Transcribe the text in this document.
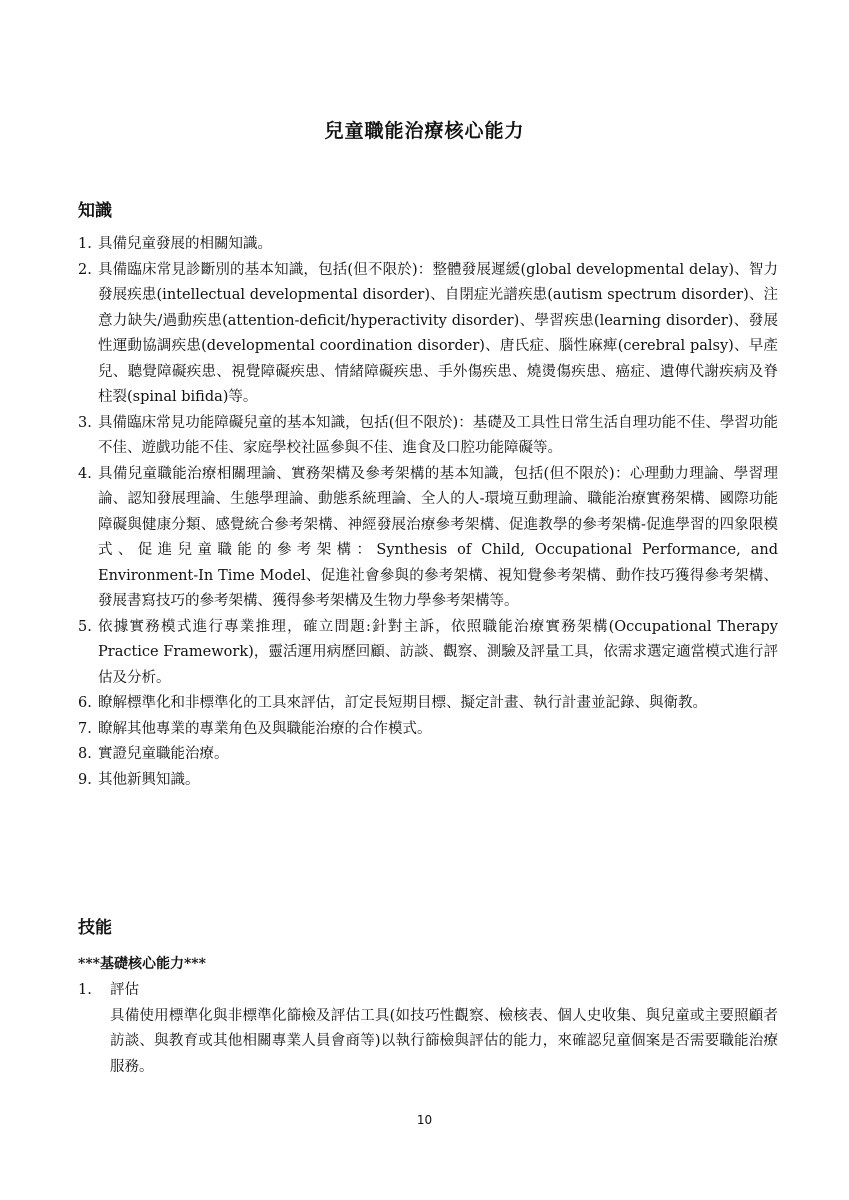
兒童職能治療核心能力
知識
1. 具備兒童發展的相關知識。
2. 具備臨床常見診斷別的基本知識，包括(但不限於)：整體發展遲緩(global developmental delay)、智力發展疾患(intellectual developmental disorder)、自閉症光譜疾患(autism spectrum disorder)、注意力缺失/過動疾患(attention-deficit/hyperactivity disorder)、學習疾患(learning disorder)、發展性運動協調疾患(developmental coordination disorder)、唐氏症、腦性麻痺(cerebral palsy)、早產兒、聽覺障礙疾患、視覺障礙疾患、情緒障礙疾患、手外傷疾患、燒燙傷疾患、癌症、遺傳代謝疾病及脊柱裂(spinal bifida)等。
3. 具備臨床常見功能障礙兒童的基本知識，包括(但不限於)：基礎及工具性日常生活自理功能不佳、學習功能不佳、遊戲功能不佳、家庭學校社區參與不佳、進食及口腔功能障礙等。
4. 具備兒童職能治療相關理論、實務架構及參考架構的基本知識，包括(但不限於)：心理動力理論、學習理論、認知發展理論、生態學理論、動態系統理論、全人的人-環境互動理論、職能治療實務架構、國際功能障礙與健康分類、感覺統合參考架構、神經發展治療參考架構、促進教學的參考架構-促進學習的四象限模式、促進兒童職能的參考架構：Synthesis of Child, Occupational Performance, and Environment-In Time Model、促進社會參與的參考架構、視知覺參考架構、動作技巧獲得參考架構、發展書寫技巧的參考架構、獲得參考架構及生物力學參考架構等。
5. 依據實務模式進行專業推理，確立問題:針對主訴，依照職能治療實務架構(Occupational Therapy Practice Framework)，靈活運用病歷回顧、訪談、觀察、測驗及評量工具，依需求選定適當模式進行評估及分析。
6. 瞭解標準化和非標準化的工具來評估，訂定長短期目標、擬定計畫、執行計畫並記錄、與衛教。
7. 瞭解其他專業的專業角色及與職能治療的合作模式。
8. 實證兒童職能治療。
9. 其他新興知識。
技能
***基礎核心能力***
1.	評估
具備使用標準化與非標準化篩檢及評估工具(如技巧性觀察、檢核表、個人史收集、與兒童或主要照顧者訪談、與教育或其他相關專業人員會商等)以執行篩檢與評估的能力，來確認兒童個案是否需要職能治療服務。
10
